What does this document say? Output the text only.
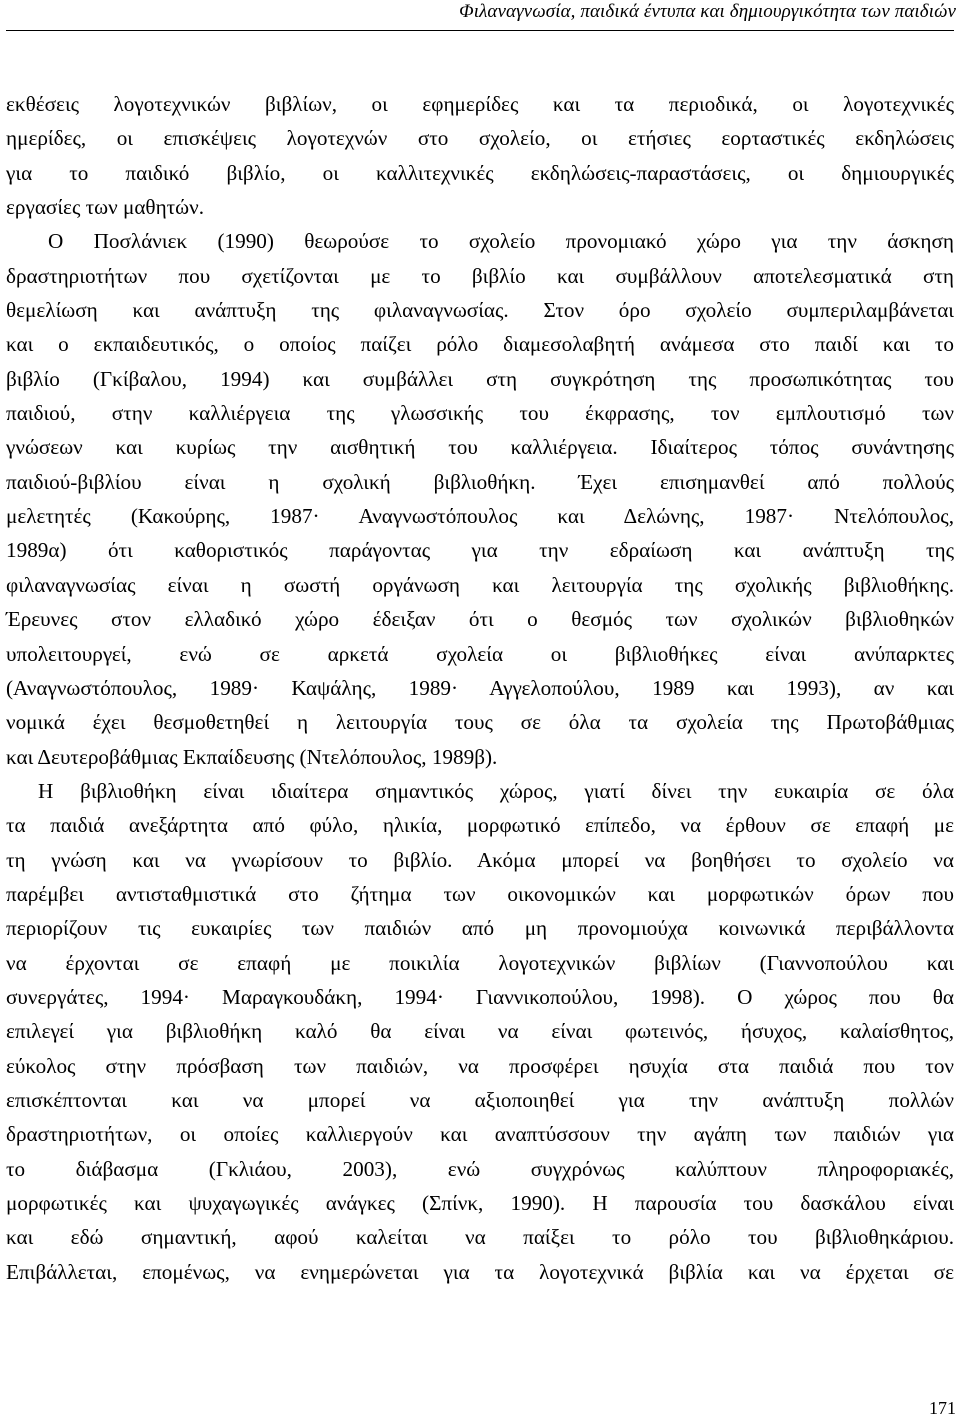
Φιλαναγνωσία, παιδικά έντυπα και δημιουργικότητα των παιδιών
εκθέσεις λογοτεχνικών βιβλίων, οι εφημερίδες και τα περιοδικά, οι λογοτεχνικές
ημερίδες, οι επισκέψεις λογοτεχνών στο σχολείο, οι ετήσιες εορταστικές εκδηλώσεις
για το παιδικό βιβλίο, οι καλλιτεχνικές εκδηλώσεις-παραστάσεις, οι δημιουργικές
εργασίες των μαθητών.
Ο Ποσλάνιεκ (1990) θεωρούσε το σχολείο προνομιακό χώρο για την άσκηση
δραστηριοτήτων που σχετίζονται με το βιβλίο και συμβάλλουν αποτελεσματικά στη
θεμελίωση και ανάπτυξη της φιλαναγνωσίας. Στον όρο σχολείο συμπεριλαμβάνεται
και ο εκπαιδευτικός, ο οποίος παίζει ρόλο διαμεσολαβητή ανάμεσα στο παιδί και το
βιβλίο (Γκίβαλου, 1994) και συμβάλλει στη συγκρότηση της προσωπικότητας του
παιδιού, στην καλλιέργεια της γλωσσικής του έκφρασης, τον εμπλουτισμό των
γνώσεων και κυρίως την αισθητική του καλλιέργεια. Ιδιαίτερος τόπος συνάντησης
παιδιού-βιβλίου είναι η σχολική βιβλιοθήκη. Έχει επισημανθεί από πολλούς
μελετητές (Κακούρης, 1987· Αναγνωστόπουλος και Δελώνης, 1987· Ντελόπουλος,
1989α) ότι καθοριστικός παράγοντας για την εδραίωση και ανάπτυξη της
φιλαναγνωσίας είναι η σωστή οργάνωση και λειτουργία της σχολικής βιβλιοθήκης.
Έρευνες στον ελλαδικό χώρο έδειξαν ότι ο θεσμός των σχολικών βιβλιοθηκών
υπολειτουργεί, ενώ σε αρκετά σχολεία οι βιβλιοθήκες είναι ανύπαρκτες
(Αναγνωστόπουλος, 1989· Καψάλης, 1989· Αγγελοπούλου, 1989 και 1993), αν και
νομικά έχει θεσμοθετηθεί η λειτουργία τους σε όλα τα σχολεία της Πρωτοβάθμιας
και Δευτεροβάθμιας Εκπαίδευσης (Ντελόπουλος, 1989β).
Η βιβλιοθήκη είναι ιδιαίτερα σημαντικός χώρος, γιατί δίνει την ευκαιρία σε όλα
τα παιδιά ανεξάρτητα από φύλο, ηλικία, μορφωτικό επίπεδο, να έρθουν σε επαφή με
τη γνώση και να γνωρίσουν το βιβλίο. Ακόμα μπορεί να βοηθήσει το σχολείο να
παρέμβει αντισταθμιστικά στο ζήτημα των οικονομικών και μορφωτικών όρων που
περιορίζουν τις ευκαιρίες των παιδιών από μη προνομιούχα κοινωνικά περιβάλλοντα
να έρχονται σε επαφή με ποικιλία λογοτεχνικών βιβλίων (Γιαννοπούλου και
συνεργάτες, 1994· Μαραγκουδάκη, 1994· Γιαννικοπούλου, 1998). Ο χώρος που θα
επιλεγεί για βιβλιοθήκη καλό θα είναι να είναι φωτεινός, ήσυχος, καλαίσθητος,
εύκολος στην πρόσβαση των παιδιών, να προσφέρει ησυχία στα παιδιά που τον
επισκέπτονται και να μπορεί να αξιοποιηθεί για την ανάπτυξη πολλών
δραστηριοτήτων, οι οποίες καλλιεργούν και αναπτύσσουν την αγάπη των παιδιών για
το διάβασμα (Γκλιάου, 2003), ενώ συγχρόνως καλύπτουν πληροφοριακές,
μορφωτικές και ψυχαγωγικές ανάγκες (Σπίνκ, 1990). Η παρουσία του δασκάλου είναι
και εδώ σημαντική, αφού καλείται να παίξει το ρόλο του βιβλιοθηκάριου.
Επιβάλλεται, επομένως, να ενημερώνεται για τα λογοτεχνικά βιβλία και να έρχεται σε
171
